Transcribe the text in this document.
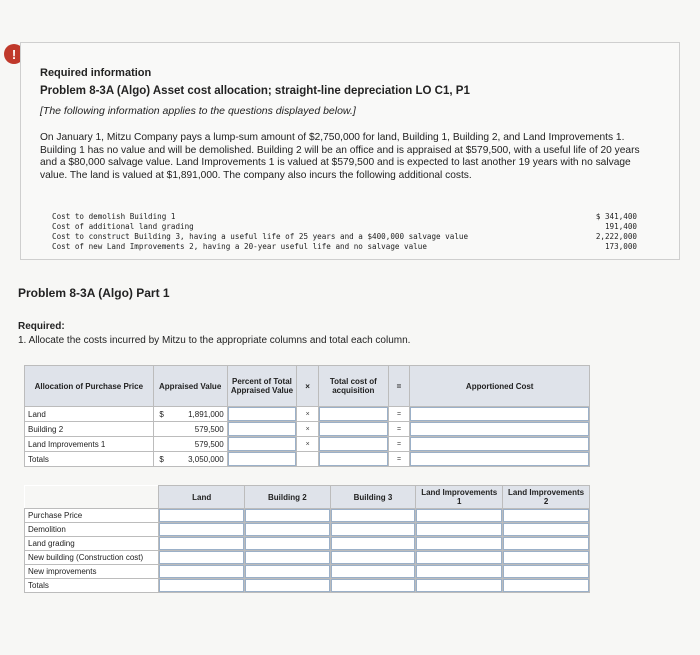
!
Required information
Problem 8-3A (Algo) Asset cost allocation; straight-line depreciation LO C1, P1
[The following information applies to the questions displayed below.]
On January 1, Mitzu Company pays a lump-sum amount of $2,750,000 for land, Building 1, Building 2, and Land Improvements 1. Building 1 has no value and will be demolished. Building 2 will be an office and is appraised at $579,500, with a useful life of 20 years and a $80,000 salvage value. Land Improvements 1 is valued at $579,500 and is expected to last another 19 years with no salvage value. The land is valued at $1,891,000. The company also incurs the following additional costs.
Cost to demolish Building 1	$ 341,400
Cost of additional land grading	191,400
Cost to construct Building 3, having a useful life of 25 years and a $400,000 salvage value	2,222,000
Cost of new Land Improvements 2, having a 20-year useful life and no salvage value	173,000
Problem 8-3A (Algo) Part 1
Required:
1. Allocate the costs incurred by Mitzu to the appropriate columns and total each column.
Allocation of Purchase Price	Appraised Value		Percent of Total Appraised Value	×	Total cost of acquisition	=	Apportioned Cost
Land	$	1,891,000		×		=	
Building 2		579,500		×		=	
Land Improvements 1		579,500		×		=	
Totals	$	3,050,000				=	
	Land	Building 2	Building 3	Land Improvements 1	Land Improvements 2
Purchase Price					
Demolition					
Land grading					
New building (Construction cost)					
New improvements					
Totals					
